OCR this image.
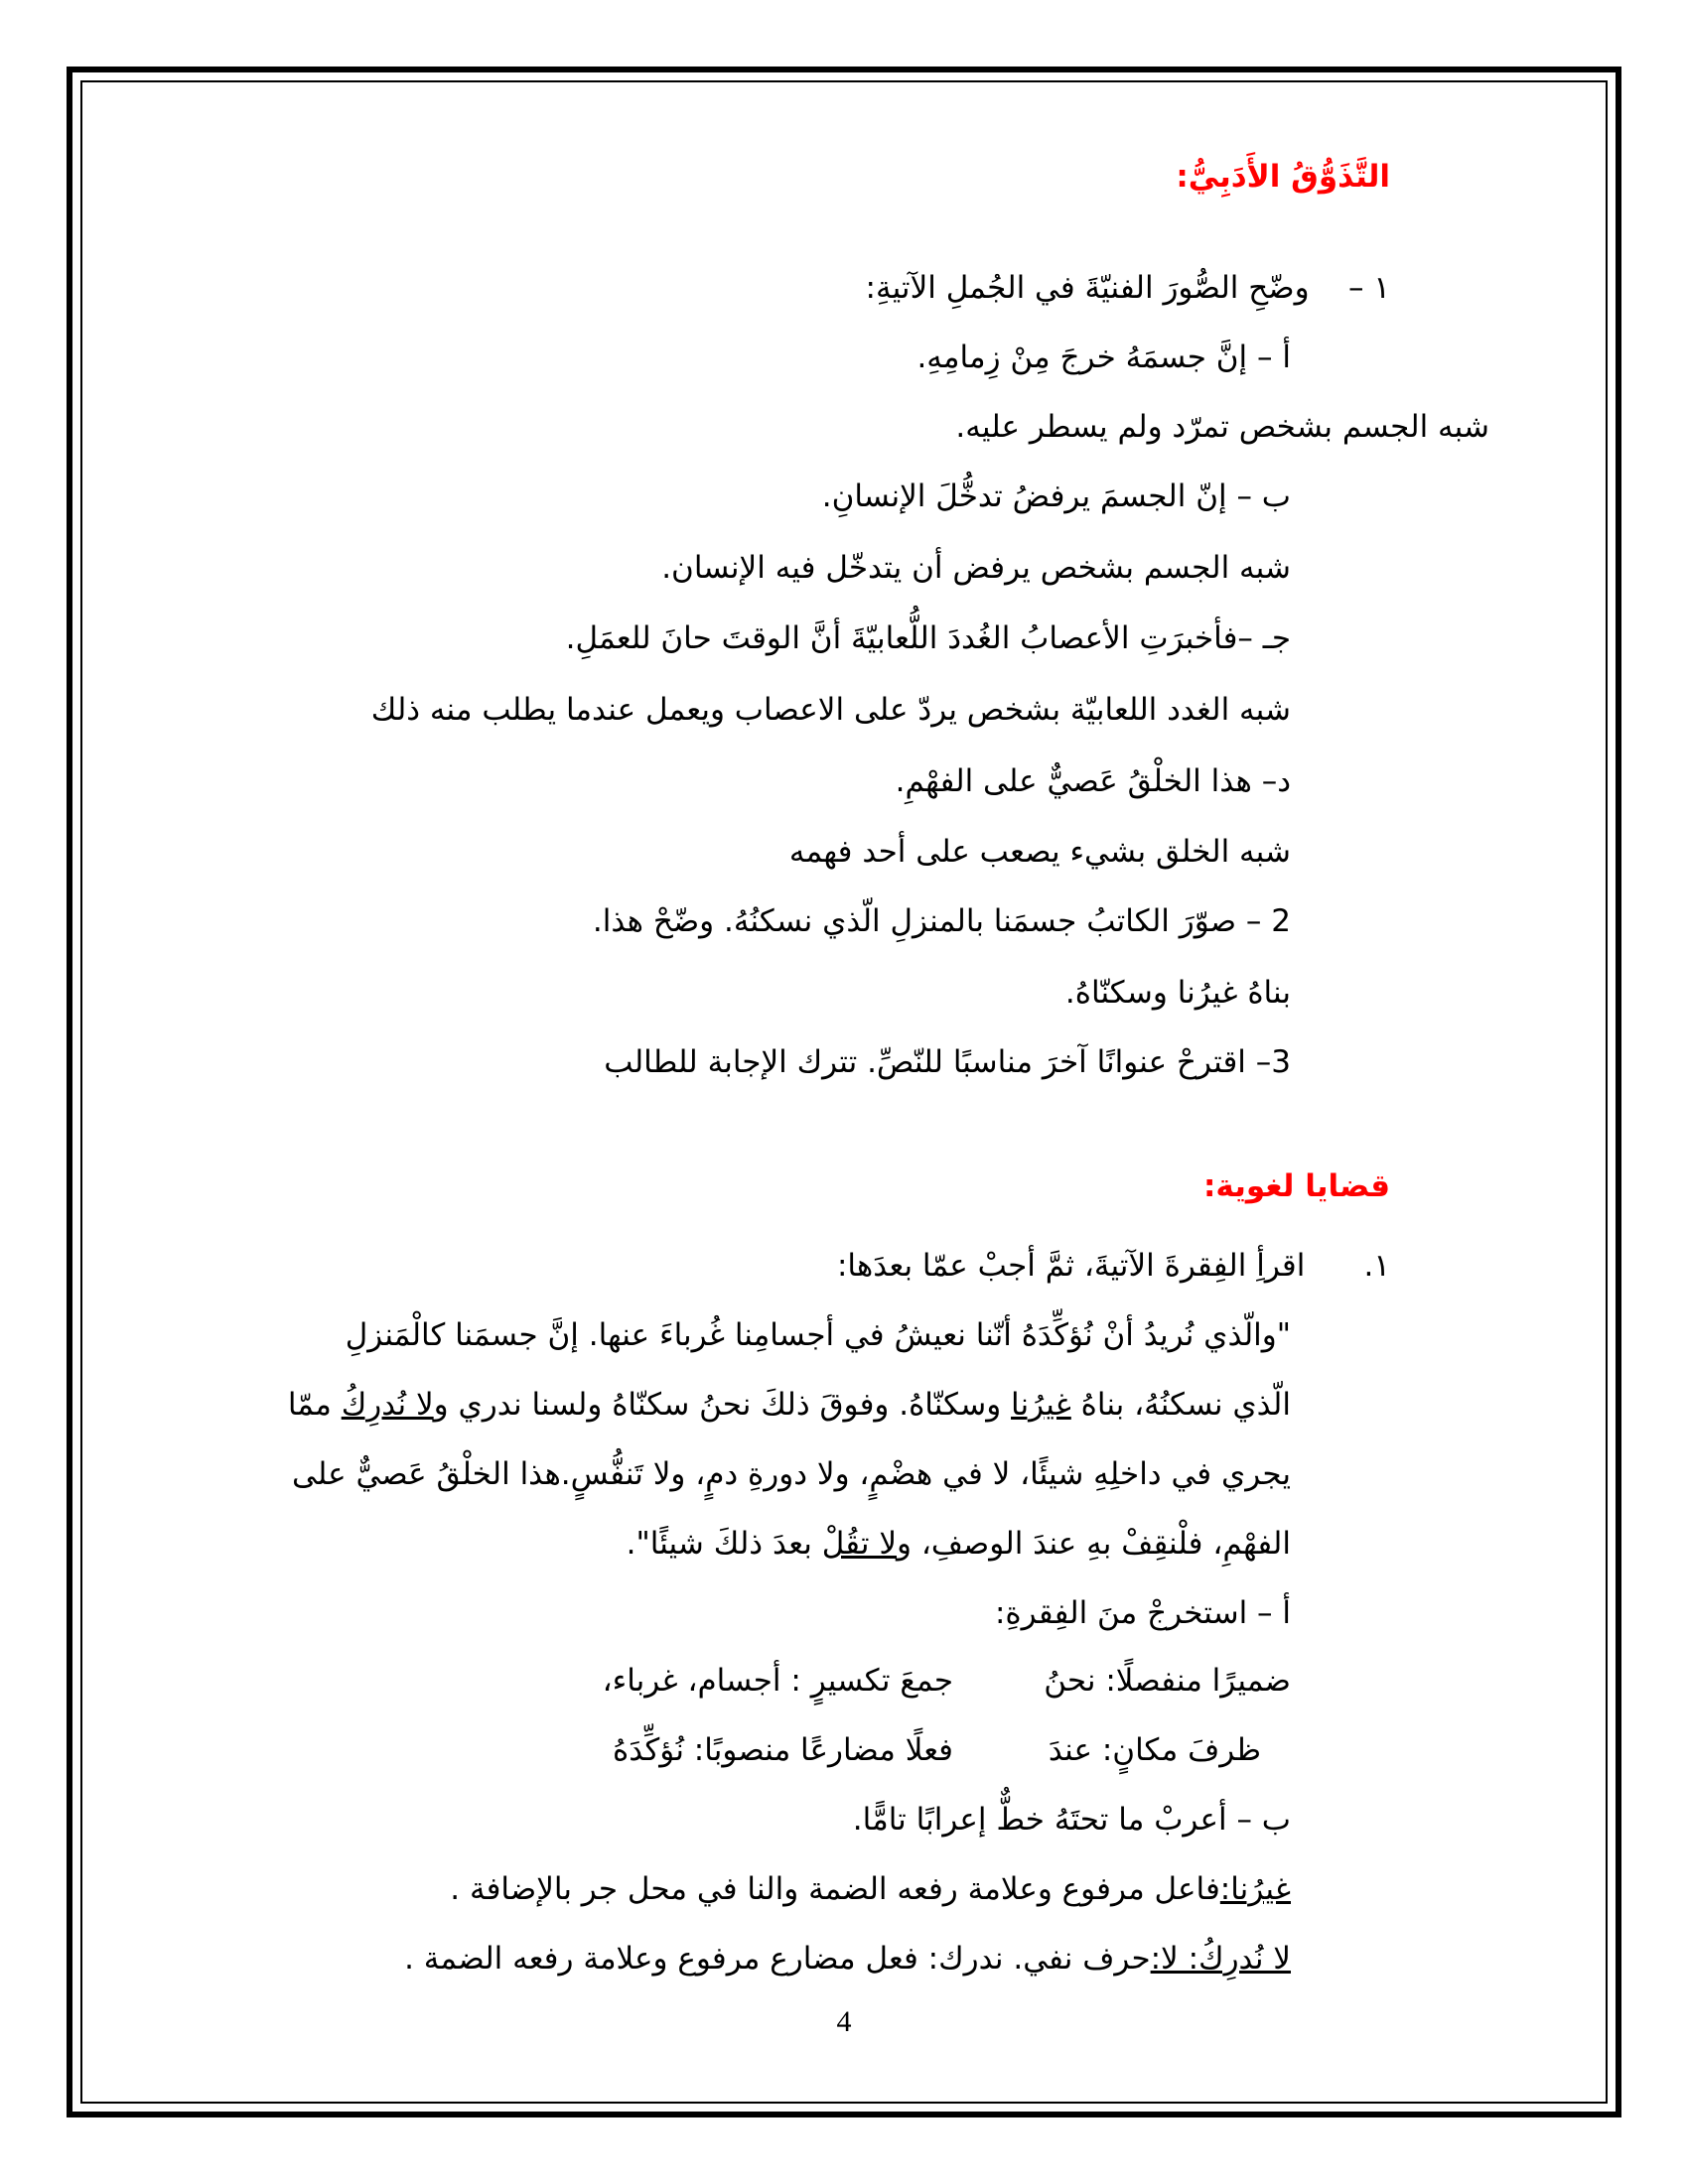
التَّذَوُّقُ الأَدَبِيُّ:
١ –    وضّحِ الصُّورَ الفنيّةَ في الجُملِ الآتيةِ:
أ – إنَّ جسمَهُ خرجَ مِنْ زِمامِهِ.
شبه الجسم بشخص تمرّد ولم يسطر عليه.
ب – إنّ الجسمَ يرفضُ تدخُّلَ الإنسانِ.
شبه الجسم بشخص يرفض أن يتدخّل فيه الإنسان.
جـ –فأخبرَتِ الأعصابُ الغُددَ اللُّعابيّةَ أنَّ الوقتَ حانَ للعمَلِ.
شبه الغدد اللعابيّة بشخص يردّ على الاعصاب ويعمل عندما يطلب منه ذلك
د– هذا الخلْقُ عَصيٌّ على الفهْمِ.
شبه الخلق بشيء يصعب على أحد فهمه
2 – صوّرَ الكاتبُ جسمَنا بالمنزلِ الّذي نسكنُهُ. وضّحْ هذا.
بناهُ غيرُنا وسكنّاهُ.
3– اقترحْ عنوانًا آخرَ مناسبًا للنّصِّ. تترك الإجابة للطالب
قضايا لغوية:
١.      اقرأِ الفِقرةَ الآتيةَ، ثمَّ أجبْ عمّا بعدَها:
"والّذي نُريدُ أنْ نُؤكِّدَهُ أنّنا نعيشُ في أجسامِنا غُرباءَ عنها. إنَّ جسمَنا كالْمَنزلِ
الّذي نسكنُهُ، بناهُ غيرُنا وسكنّاهُ. وفوقَ ذلكَ نحنُ سكنّاهُ ولسنا ندري ولا نُدرِكُ ممّا
يجري في داخلِهِ شيئًا، لا في هضْمٍ، ولا دورةِ دمٍ، ولا تَنفُّسٍ.هذا الخلْقُ عَصيٌّ على
الفهْمِ، فلْنقِفْ بهِ عندَ الوصفِ، ولا تقُلْ بعدَ ذلكَ شيئًا".
أ – استخرجْ منَ الفِقرةِ:
ضميرًا منفصلًا: نحنُ
جمعَ تكسيرٍ : أجسام، غرباء،
ظرفَ مكانٍ: عندَ
فعلًا مضارعًا منصوبًا: نُؤكِّدَهُ
ب – أعربْ ما تحتَهُ خطٌّ إعرابًا تامًّا.
غيرُنا:فاعل مرفوع وعلامة رفعه الضمة والنا في محل جر بالإضافة .
لا نُدرِكُ: لا:حرف نفي. ندرك: فعل مضارع مرفوع وعلامة رفعه الضمة .
4
